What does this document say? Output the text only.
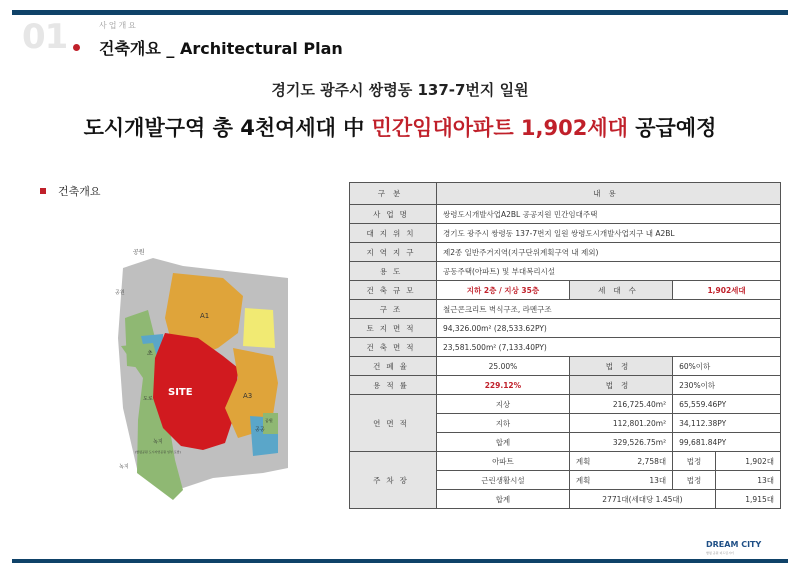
01	사업개요
건축개요 _ Architectural Plan
경기도 광주시 쌍령동 137-7번지 일원
도시개발구역 총 4천여세대 中 민간임대아파트 1,902세대 공급예정
건축개요
공원
초
A1
SITE	A3
도로
녹지
(쌍령공원 도시자연공원 일부 포함)
공공
공원
공원
녹지
구분	내용			
사업명	쌍령도시개발사업A2BL 공공지원 민간임대주택			
대지위치	경기도 광주시 쌍령동 137-7번지 일원 쌍령도시개발사업지구 내 A2BL			
지역지구	제2종 일반주거지역(지구단위계획구역 내 제외)			
용도	공동주택(아파트) 및 부대복리시설			
건축규모	지하 2층 / 지상 35층	세대수	1,902세대	
구조	철근콘크리트 벽식구조, 라멘구조			
토지면적	94,326.00m² (28,533.62PY)			
건축면적	23,581.500m² (7,133.40PY)			
건폐율	25.00%	법정	60%이하	
용적률	229.12%	법정	230%이하	
연면적	지상	216,725.40m²	65,559.46PY	
	지하	112,801.20m²	34,112.38PY	
	합계	329,526.75m²	99,681.84PY	
주차장	아파트	계획 2,758대	법정	1,902대
	근린생활시설	계획 13대	법정	13대
	합계	2771대(세대당 1.45대)		1,915대
DREAM CITY
쌍령 공원 더드림시티
